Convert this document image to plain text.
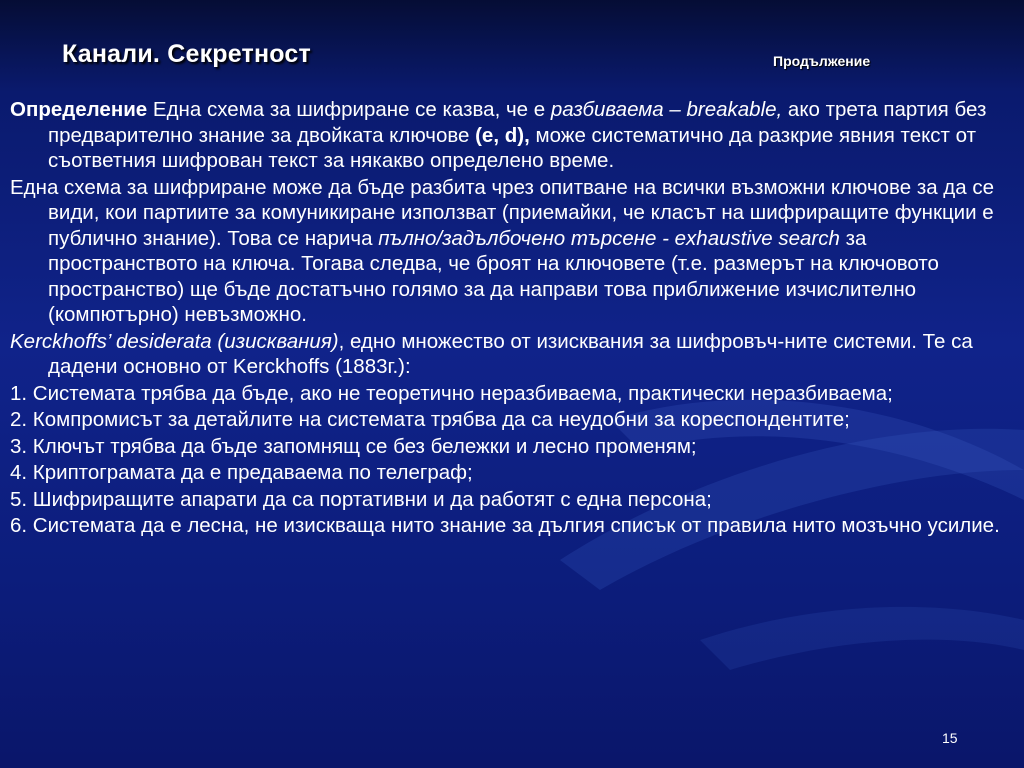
Канали. Секретност	Продължение
Определение Една схема за шифриране се казва, че е разбиваема – breakable, ако трета партия без предварително знание за двойката ключове (e, d), може систематично да разкрие явния текст от съответния шифрован текст за някакво определено време.
Една схема за шифриране може да бъде разбита чрез опитване на всички възможни ключове за да се види, кои партиите за комуникиране използват (приемайки, че класът на шифриращите функции е публично знание). Това се нарича пълно/задълбочено търсене - exhaustive search за пространството на ключа. Тогава следва, че броят на ключовете (т.е. размерът на ключовото пространство) ще бъде достатъчно голямо за да направи това приближение изчислително (компютърно) невъзможно.
Kerckhoffs’ desiderata (изисквания), едно множество от изисквания за шифровъч-ните системи. Те са дадени основно от Kerckhoffs (1883г.):
1. Системата трябва да бъде, ако не теоретично неразбиваема, практически неразбиваема;
2. Компромисът за детайлите на системата трябва да са неудобни за кореспондентите;
3. Ключът трябва да бъде запомнящ се без бележки и лесно променям;
4. Криптограмата да е предаваема по телеграф;
5. Шифриращите апарати да са портативни и да работят с една персона;
6. Системата да е лесна, не изискваща нито знание за дългия списък от правила нито мозъчно усилие.
15
